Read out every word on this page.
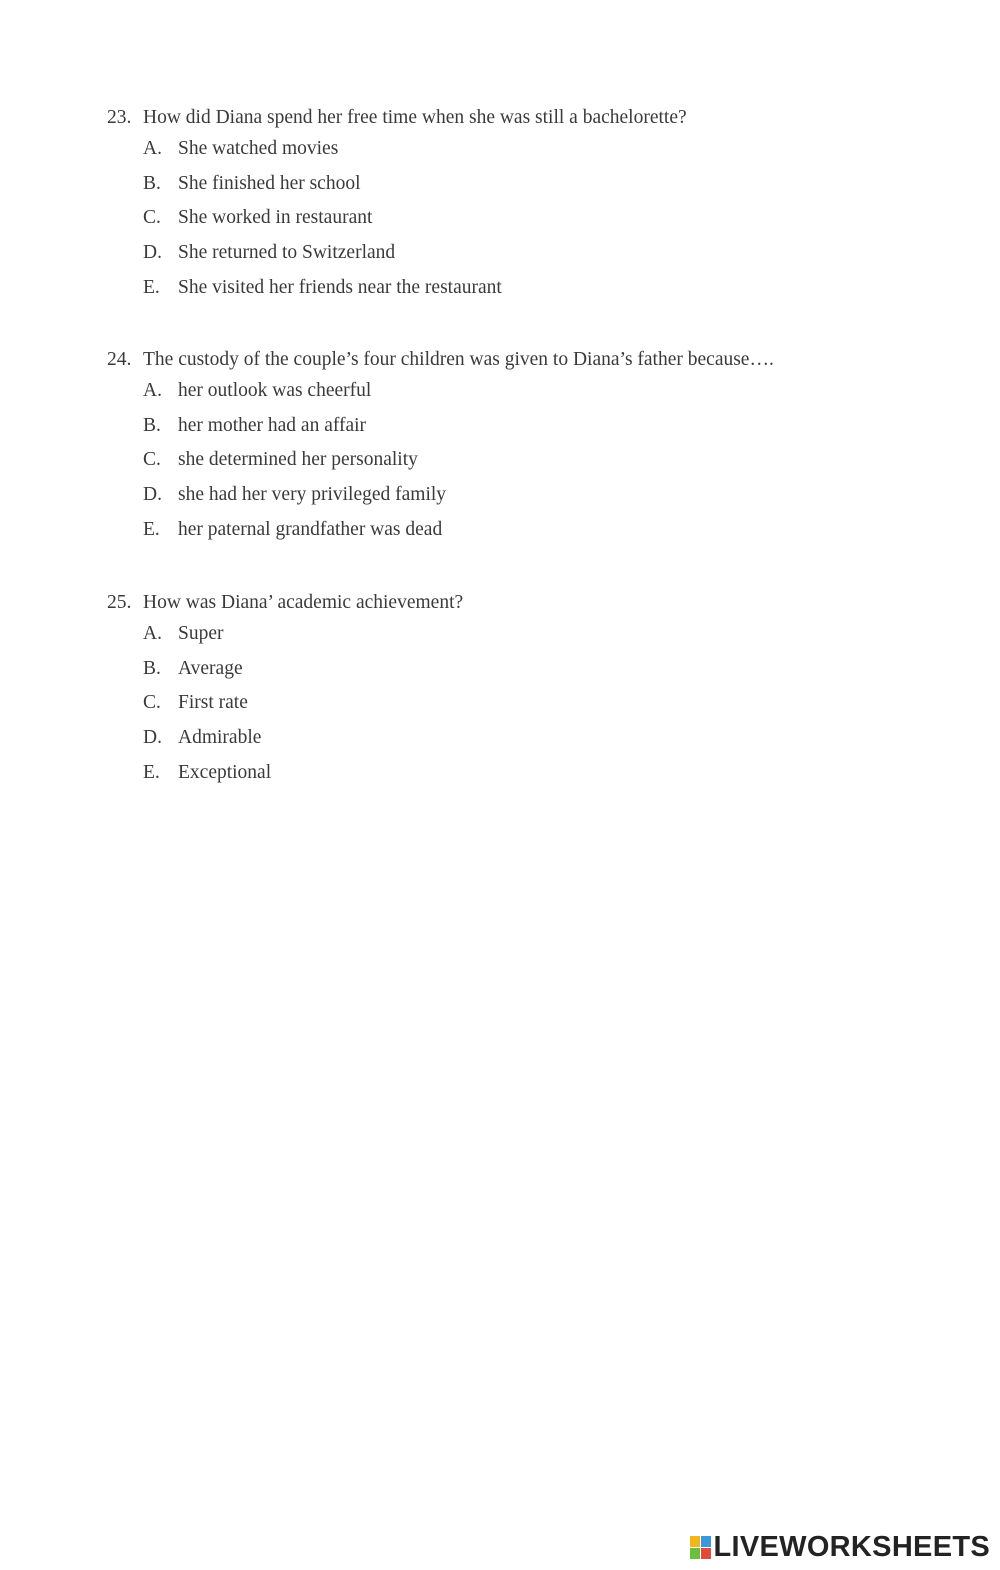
23. How did Diana spend her free time when she was still a bachelorette?
A. She watched movies
B. She finished her school
C. She worked in restaurant
D. She returned to Switzerland
E. She visited her friends near the restaurant
24. The custody of the couple’s four children was given to Diana’s father because….
A. her outlook was cheerful
B. her mother had an affair
C. she determined her personality
D. she had her very privileged family
E. her paternal grandfather was dead
25. How was Diana’ academic achievement?
A. Super
B. Average
C. First rate
D. Admirable
E. Exceptional
LIVEWORKSHEETS
